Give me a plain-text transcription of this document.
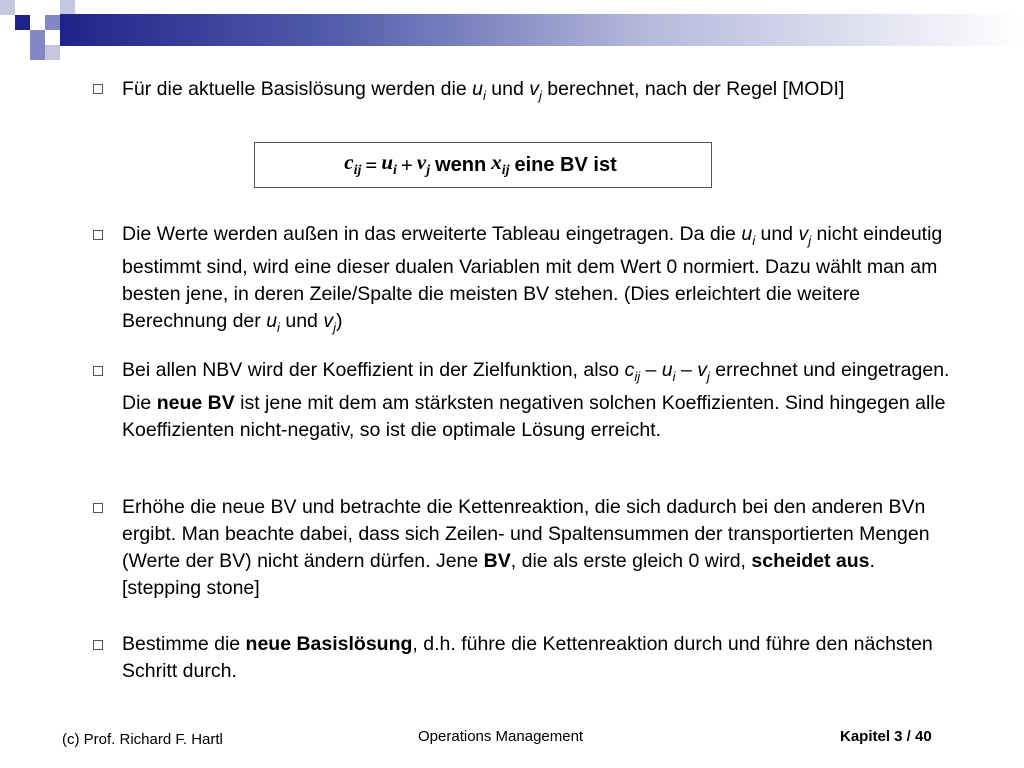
Für die aktuelle Basislösung werden die $u_i$ und $v_j$ berechnet, nach der Regel [MODI]
$c_{ij} = u_i + v_j$ wenn $x_{ij}$ eine BV ist
Die Werte werden außen in das erweiterte Tableau eingetragen. Da die $u_i$ und $v_j$ nicht eindeutig bestimmt sind, wird eine dieser dualen Variablen mit dem Wert 0 normiert. Dazu wählt man am besten jene, in deren Zeile/Spalte die meisten BV stehen. (Dies erleichtert die weitere Berechnung der $u_i$ und $v_j$)
Bei allen NBV wird der Koeffizient in der Zielfunktion, also $c_{ij} - u_i - v_j$ errechnet und eingetragen. Die neue BV ist jene mit dem am stärksten negativen solchen Koeffizienten. Sind hingegen alle Koeffizienten nicht-negativ, so ist die optimale Lösung erreicht.
Erhöhe die neue BV und betrachte die Kettenreaktion, die sich dadurch bei den anderen BVn ergibt. Man beachte dabei, dass sich Zeilen- und Spaltensummen der transportierten Mengen (Werte der BV) nicht ändern dürfen. Jene BV, die als erste gleich 0 wird, scheidet aus. [stepping stone]
Bestimme die neue Basislösung, d.h. führe die Kettenreaktion durch und führe den nächsten Schritt durch.
(c) Prof. Richard F. Hartl	Operations Management	Kapitel 3 / 40
